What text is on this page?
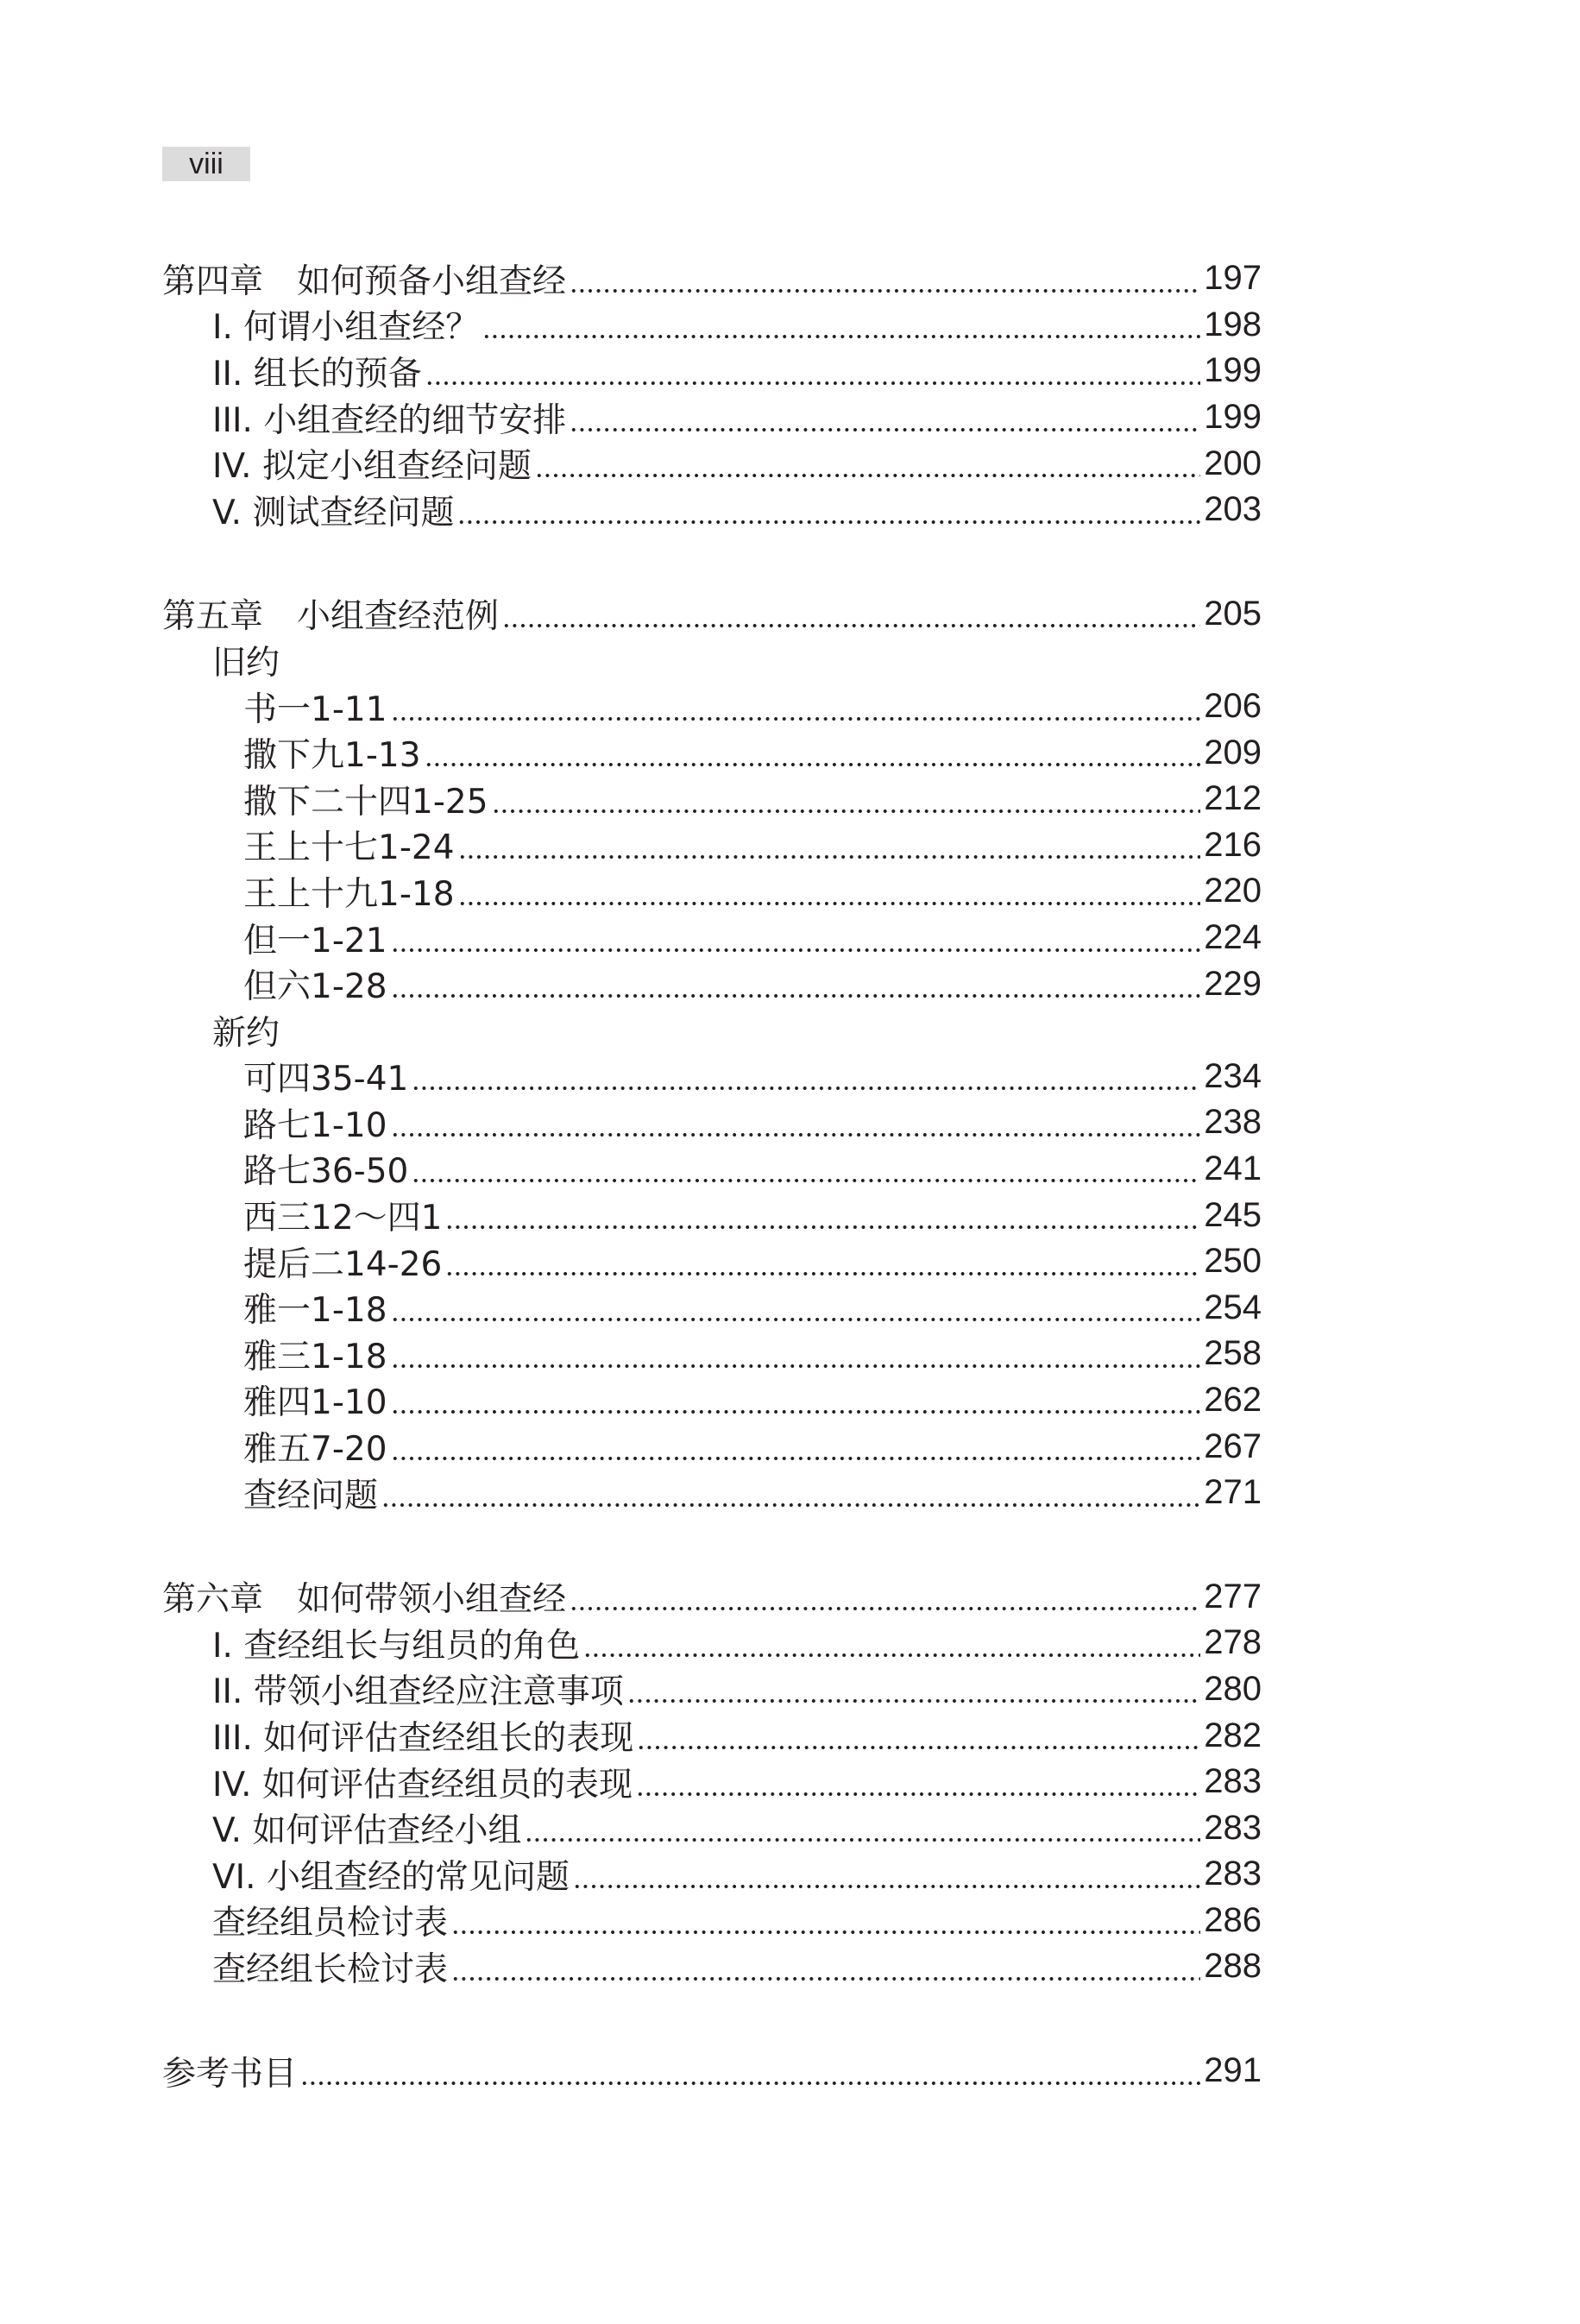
viii
第四章　如何预备小组查经	197
I. 何谓小组查经？	198
II. 组长的预备	199
III. 小组查经的细节安排	199
IV. 拟定小组查经问题	200
V. 测试查经问题	203
第五章　小组查经范例	205
旧约
书一1-11	206
撒下九1-13	209
撒下二十四1-25	212
王上十七1-24	216
王上十九1-18	220
但一1-21	224
但六1-28	229
新约
可四35-41	234
路七1-10	238
路七36-50	241
西三12～四1	245
提后二14-26	250
雅一1-18	254
雅三1-18	258
雅四1-10	262
雅五7-20	267
查经问题	271
第六章　如何带领小组查经	277
I. 查经组长与组员的角色	278
II. 带领小组查经应注意事项	280
III. 如何评估查经组长的表现	282
IV. 如何评估查经组员的表现	283
V. 如何评估查经小组	283
VI. 小组查经的常见问题	283
查经组员检讨表	286
查经组长检讨表	288
参考书目	291
